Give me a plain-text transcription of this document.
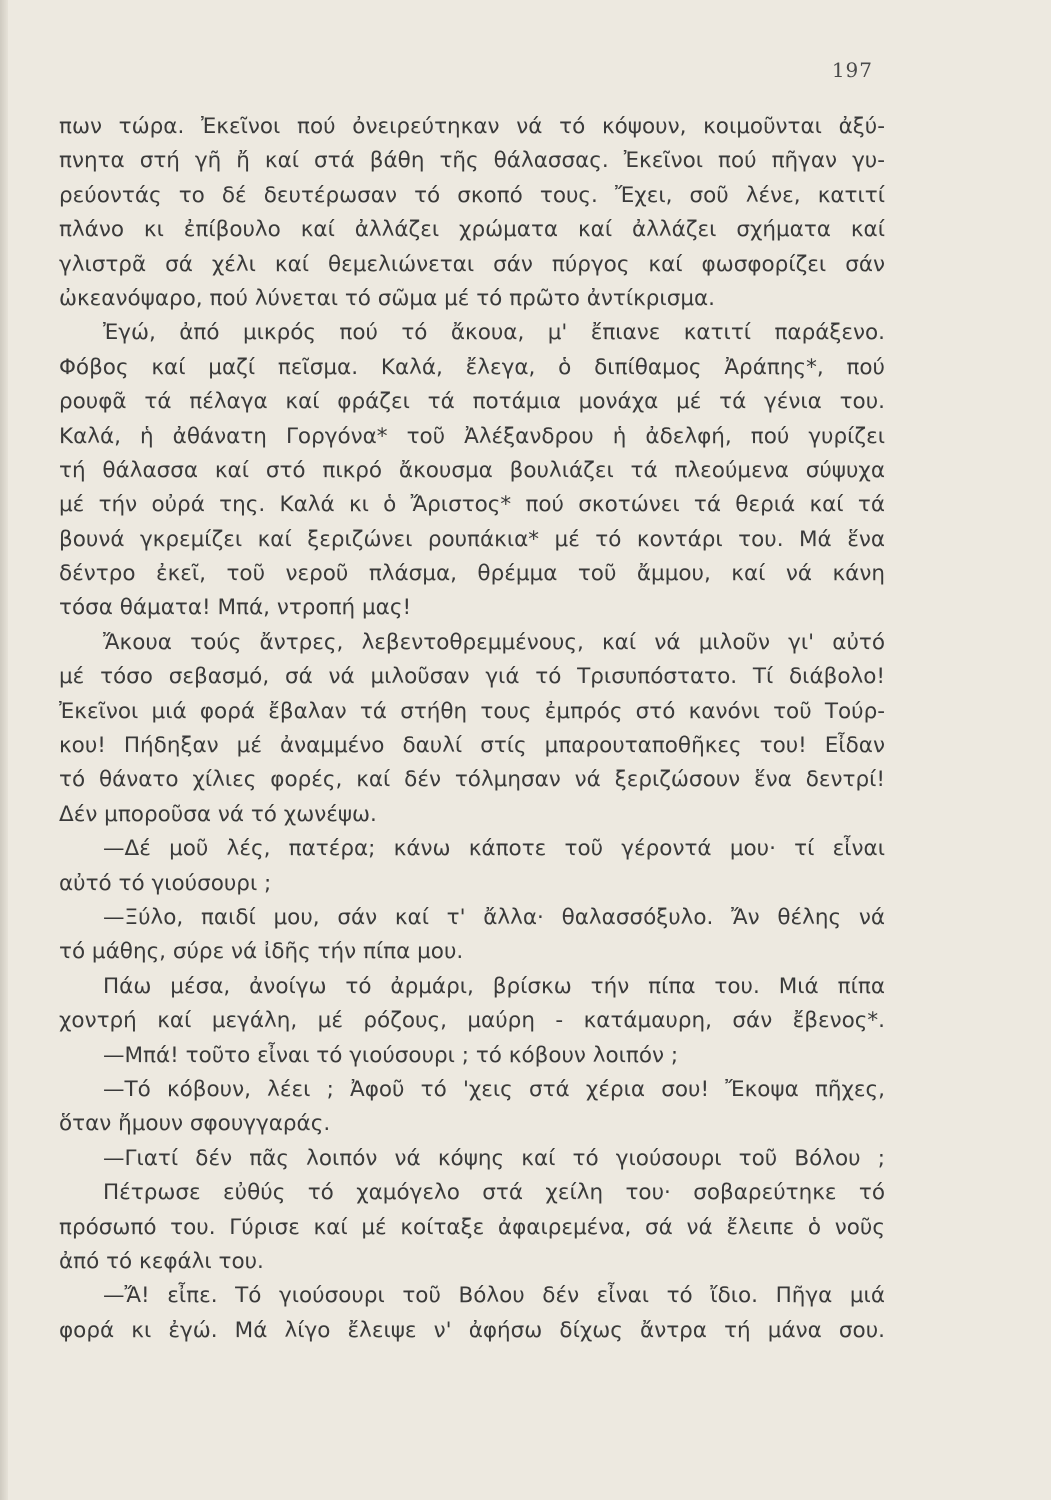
197
πων τώρα. Ἐκεῖνοι πού ὀνειρεύτηκαν νά τό κόψουν, κοιμοῦνται ἀξύ-
πνητα στή γῆ ἤ καί στά βάθη τῆς θάλασσας. Ἐκεῖνοι πού πῆγαν γυ-
ρεύοντάς το δέ δευτέρωσαν τό σκοπό τους. Ἔχει, σοῦ λένε, κατιτί
πλάνο κι ἐπίβουλο καί ἀλλάζει χρώματα καί ἀλλάζει σχήματα καί
γλιστρᾶ σά χέλι καί θεμελιώνεται σάν πύργος καί φωσφορίζει σάν
ὠκεανόψαρο, πού λύνεται τό σῶμα μέ τό πρῶτο ἀντίκρισμα.
Ἐγώ, ἀπό μικρός πού τό ἄκουα, μ' ἔπιανε κατιτί παράξενο.
Φόβος καί μαζί πεῖσμα. Καλά, ἔλεγα, ὁ διπίθαμος Ἀράπης*, πού
ρουφᾶ τά πέλαγα καί φράζει τά ποτάμια μονάχα μέ τά γένια του.
Καλά, ἡ ἀθάνατη Γοργόνα* τοῦ Ἀλέξανδρου ἡ ἀδελφή, πού γυρίζει
τή θάλασσα καί στό πικρό ἄκουσμα βουλιάζει τά πλεούμενα σύψυχα
μέ τήν οὐρά της. Καλά κι ὁ Ἄριστος* πού σκοτώνει τά θεριά καί τά
βουνά γκρεμίζει καί ξεριζώνει ρουπάκια* μέ τό κοντάρι του. Μά ἕνα
δέντρο ἐκεῖ, τοῦ νεροῦ πλάσμα, θρέμμα τοῦ ἄμμου, καί νά κάνη
τόσα θάματα! Μπά, ντροπή μας!
Ἄκουα τούς ἄντρες, λεβεντοθρεμμένους, καί νά μιλοῦν γι' αὐτό
μέ τόσο σεβασμό, σά νά μιλοῦσαν γιά τό Τρισυπόστατο. Τί διάβολο!
Ἐκεῖνοι μιά φορά ἔβαλαν τά στήθη τους ἐμπρός στό κανόνι τοῦ Τούρ-
κου! Πήδηξαν μέ ἀναμμένο δαυλί στίς μπαρουταποθῆκες του! Εἶδαν
τό θάνατο χίλιες φορές, καί δέν τόλμησαν νά ξεριζώσουν ἕνα δεντρί!
Δέν μποροῦσα νά τό χωνέψω.
—Δέ μοῦ λές, πατέρα; κάνω κάποτε τοῦ γέροντά μου· τί εἶναι
αὐτό τό γιούσουρι ;
—Ξύλο, παιδί μου, σάν καί τ' ἄλλα· θαλασσόξυλο. Ἄν θέλης νά
τό μάθης, σύρε νά ἰδῆς τήν πίπα μου.
Πάω μέσα, ἀνοίγω τό ἀρμάρι, βρίσκω τήν πίπα του. Μιά πίπα
χοντρή καί μεγάλη, μέ ρόζους, μαύρη - κατάμαυρη, σάν ἔβενος*.
—Μπά! τοῦτο εἶναι τό γιούσουρι ; τό κόβουν λοιπόν ;
—Τό κόβουν, λέει ; Ἀφοῦ τό 'χεις στά χέρια σου! Ἔκοψα πῆχες,
ὅταν ἤμουν σφουγγαράς.
—Γιατί δέν πᾶς λοιπόν νά κόψης καί τό γιούσουρι τοῦ Βόλου ;
Πέτρωσε εὐθύς τό χαμόγελο στά χείλη του· σοβαρεύτηκε τό
πρόσωπό του. Γύρισε καί μέ κοίταξε ἀφαιρεμένα, σά νά ἔλειπε ὁ νοῦς
ἀπό τό κεφάλι του.
—Ἄ! εἶπε. Τό γιούσουρι τοῦ Βόλου δέν εἶναι τό ἴδιο. Πῆγα μιά
φορά κι ἐγώ. Μά λίγο ἔλειψε ν' ἀφήσω δίχως ἄντρα τή μάνα σου.
